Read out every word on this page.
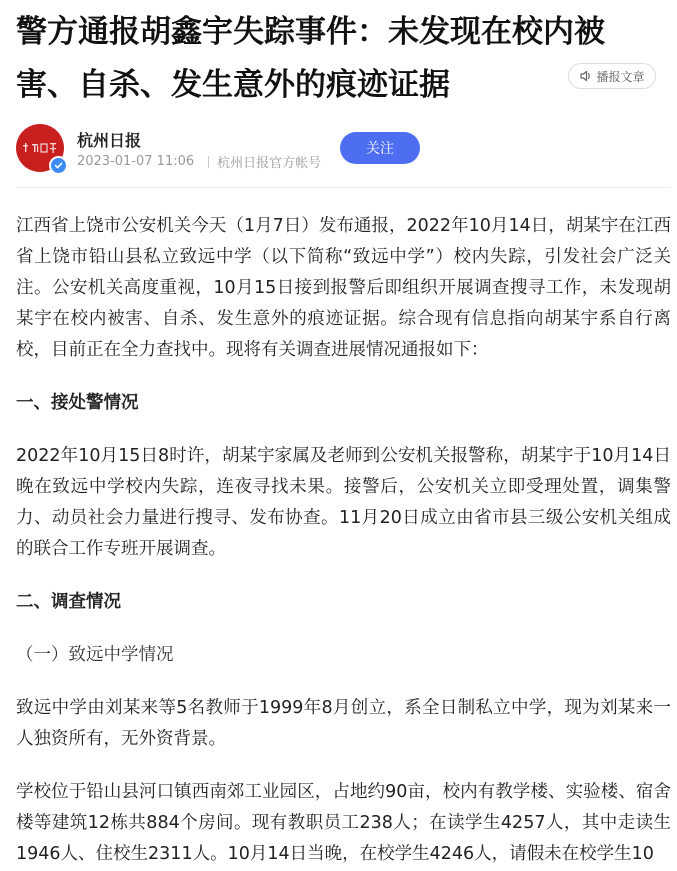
警方通报胡鑫宇失踪事件：未发现在校内被害、自杀、发生意外的痕迹证据	播报文章
杭州日报
2023-01-07 11:06 杭州日报官方帐号
关注

江西省上饶市公安机关今天（1月7日）发布通报，2022年10月14日，胡某宇在江西省上饶市铅山县私立致远中学（以下简称“致远中学”）校内失踪，引发社会广泛关注。公安机关高度重视，10月15日接到报警后即组织开展调查搜寻工作，未发现胡某宇在校内被害、自杀、发生意外的痕迹证据。综合现有信息指向胡某宇系自行离校，目前正在全力查找中。现将有关调查进展情况通报如下：

一、接处警情况

2022年10月15日8时许，胡某宇家属及老师到公安机关报警称，胡某宇于10月14日晚在致远中学校内失踪，连夜寻找未果。接警后，公安机关立即受理处置，调集警力、动员社会力量进行搜寻、发布协查。11月20日成立由省市县三级公安机关组成的联合工作专班开展调查。

二、调查情况

（一）致远中学情况

致远中学由刘某来等5名教师于1999年8月创立，系全日制私立中学，现为刘某来一人独资所有，无外资背景。

学校位于铅山县河口镇西南郊工业园区，占地约90亩，校内有教学楼、实验楼、宿舍楼等建筑12栋共884个房间。现有教职员工238人；在读学生4257人，其中走读生1946人、住校生2311人。10月14日当晚，在校学生4246人，请假未在校学生10
